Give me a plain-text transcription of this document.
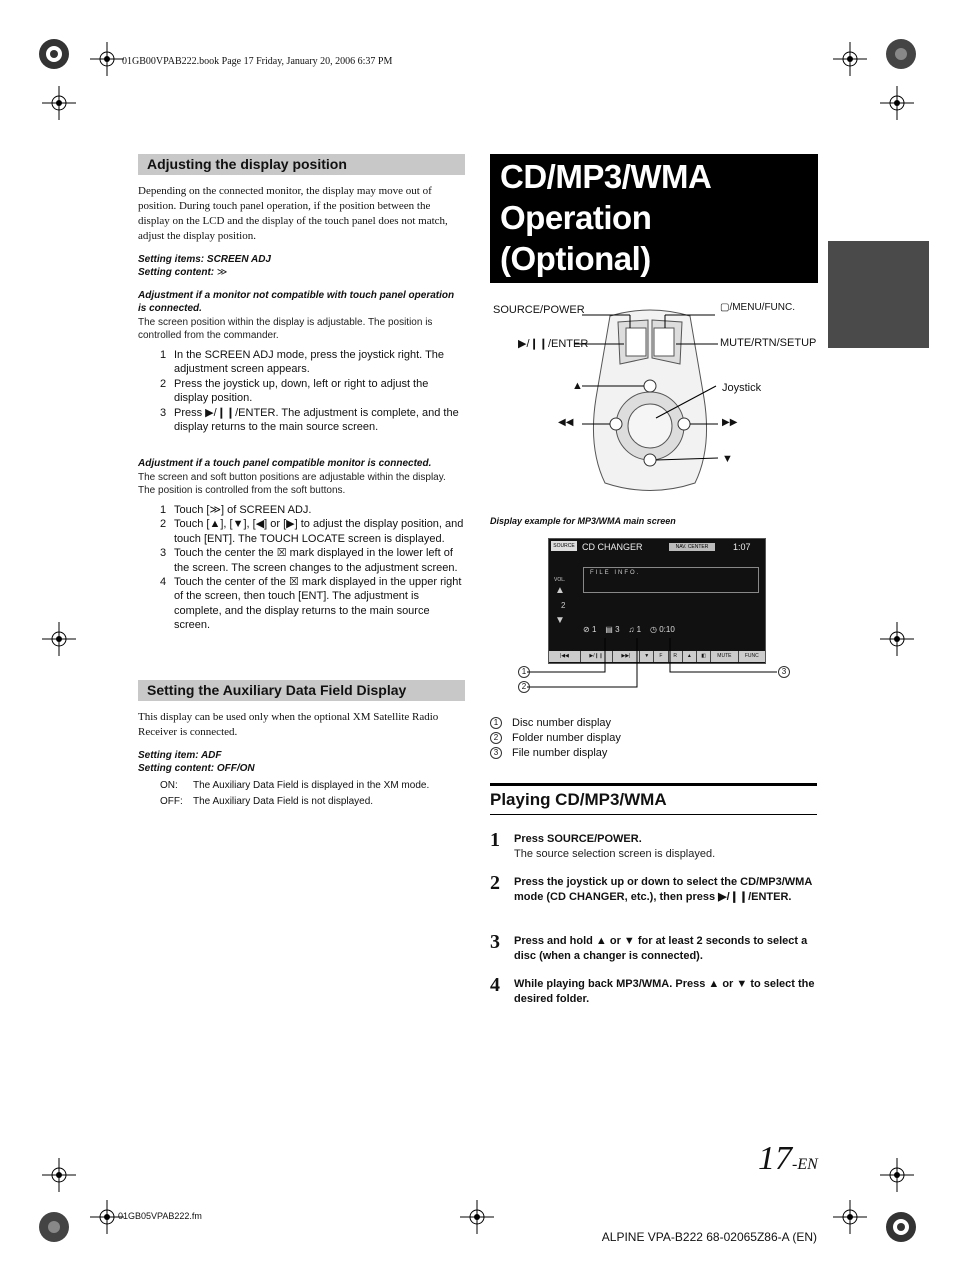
01GB00VPAB222.book Page 17 Friday, January 20, 2006 6:37 PM
01GB05VPAB222.fm
ALPINE VPA-B222 68-02065Z86-A (EN)
17-EN
Adjusting the display position
Depending on the connected monitor, the display may move out of position. During touch panel operation, if the position between the display on the LCD and the display of the touch panel does not match, adjust the display position.
Setting items: SCREEN ADJ
Setting content: ≫
Adjustment if a monitor not compatible with touch panel operation is connected.
The screen position within the display is adjustable. The position is controlled from the commander.
1 In the SCREEN ADJ mode, press the joystick right. The adjustment screen appears.
2 Press the joystick up, down, left or right to adjust the display position.
3 Press ▶/❙❙/ENTER. The adjustment is complete, and the display returns to the main source screen.
Adjustment if a touch panel compatible monitor is connected.
The screen and soft button positions are adjustable within the display. The position is controlled from the soft buttons.
1 Touch [≫] of SCREEN ADJ.
2 Touch [▲], [▼], [◀] or [▶] to adjust the display position, and touch [ENT]. The TOUCH LOCATE screen is displayed.
3 Touch the center the ☒ mark displayed in the lower left of the screen. The screen changes to the adjustment screen.
4 Touch the center of the ☒ mark displayed in the upper right of the screen, then touch [ENT]. The adjustment is complete, and the display returns to the main source screen.
Setting the Auxiliary Data Field Display
This display can be used only when the optional XM Satellite Radio Receiver is connected.
Setting item: ADF
Setting content: OFF/ON
ON: The Auxiliary Data Field is displayed in the XM mode.
OFF: The Auxiliary Data Field is not displayed.
CD/MP3/WMA
Operation
(Optional)
SOURCE/POWER	▢/MENU/FUNC.
▶/❙❙/ENTER	MUTE/RTN/SETUP
▲	Joystick
◀◀	▶▶
▼
Display example for MP3/WMA main screen
SOURCE CD CHANGER	NAV. CENTER	1:07
FILE INFO.
VOL.
▲
2
▼
⊘ 1 ▤ 3 ♫ 1 ◷ 0:10
|◀◀	▶/❙❙	▶▶|	▼	F	R	▲	◧	MUTE	FUNC
1
2
3
1 Disc number display
2 Folder number display
3 File number display
Playing CD/MP3/WMA
1	Press SOURCE/POWER.
The source selection screen is displayed.
2	Press the joystick up or down to select the CD/MP3/WMA mode (CD CHANGER, etc.), then press ▶/❙❙/ENTER.
3	Press and hold ▲ or ▼ for at least 2 seconds to select a disc (when a changer is connected).
4	While playing back MP3/WMA. Press ▲ or ▼ to select the desired folder.
